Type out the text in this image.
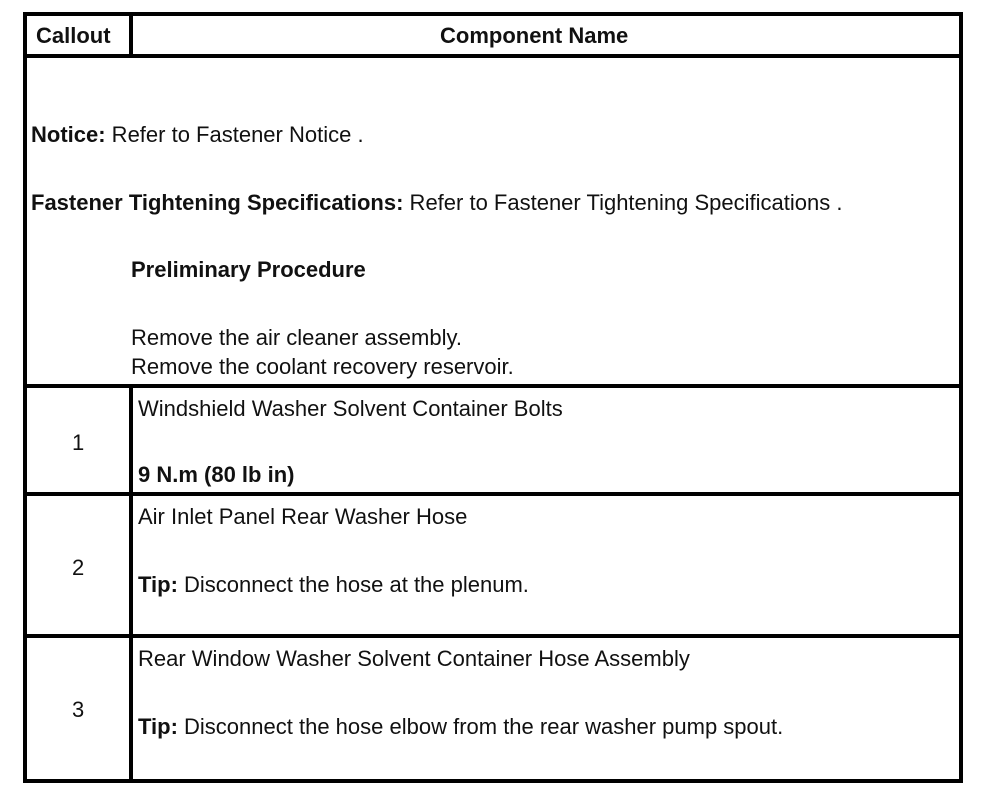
Callout	Component Name
Notice: Refer to Fastener Notice .
Fastener Tightening Specifications: Refer to Fastener Tightening Specifications .
Preliminary Procedure
Remove the air cleaner assembly.
Remove the coolant recovery reservoir.
1
Windshield Washer Solvent Container Bolts
9 N.m (80 lb in)
2
Air Inlet Panel Rear Washer Hose
Tip: Disconnect the hose at the plenum.
3
Rear Window Washer Solvent Container Hose Assembly
Tip: Disconnect the hose elbow from the rear washer pump spout.
